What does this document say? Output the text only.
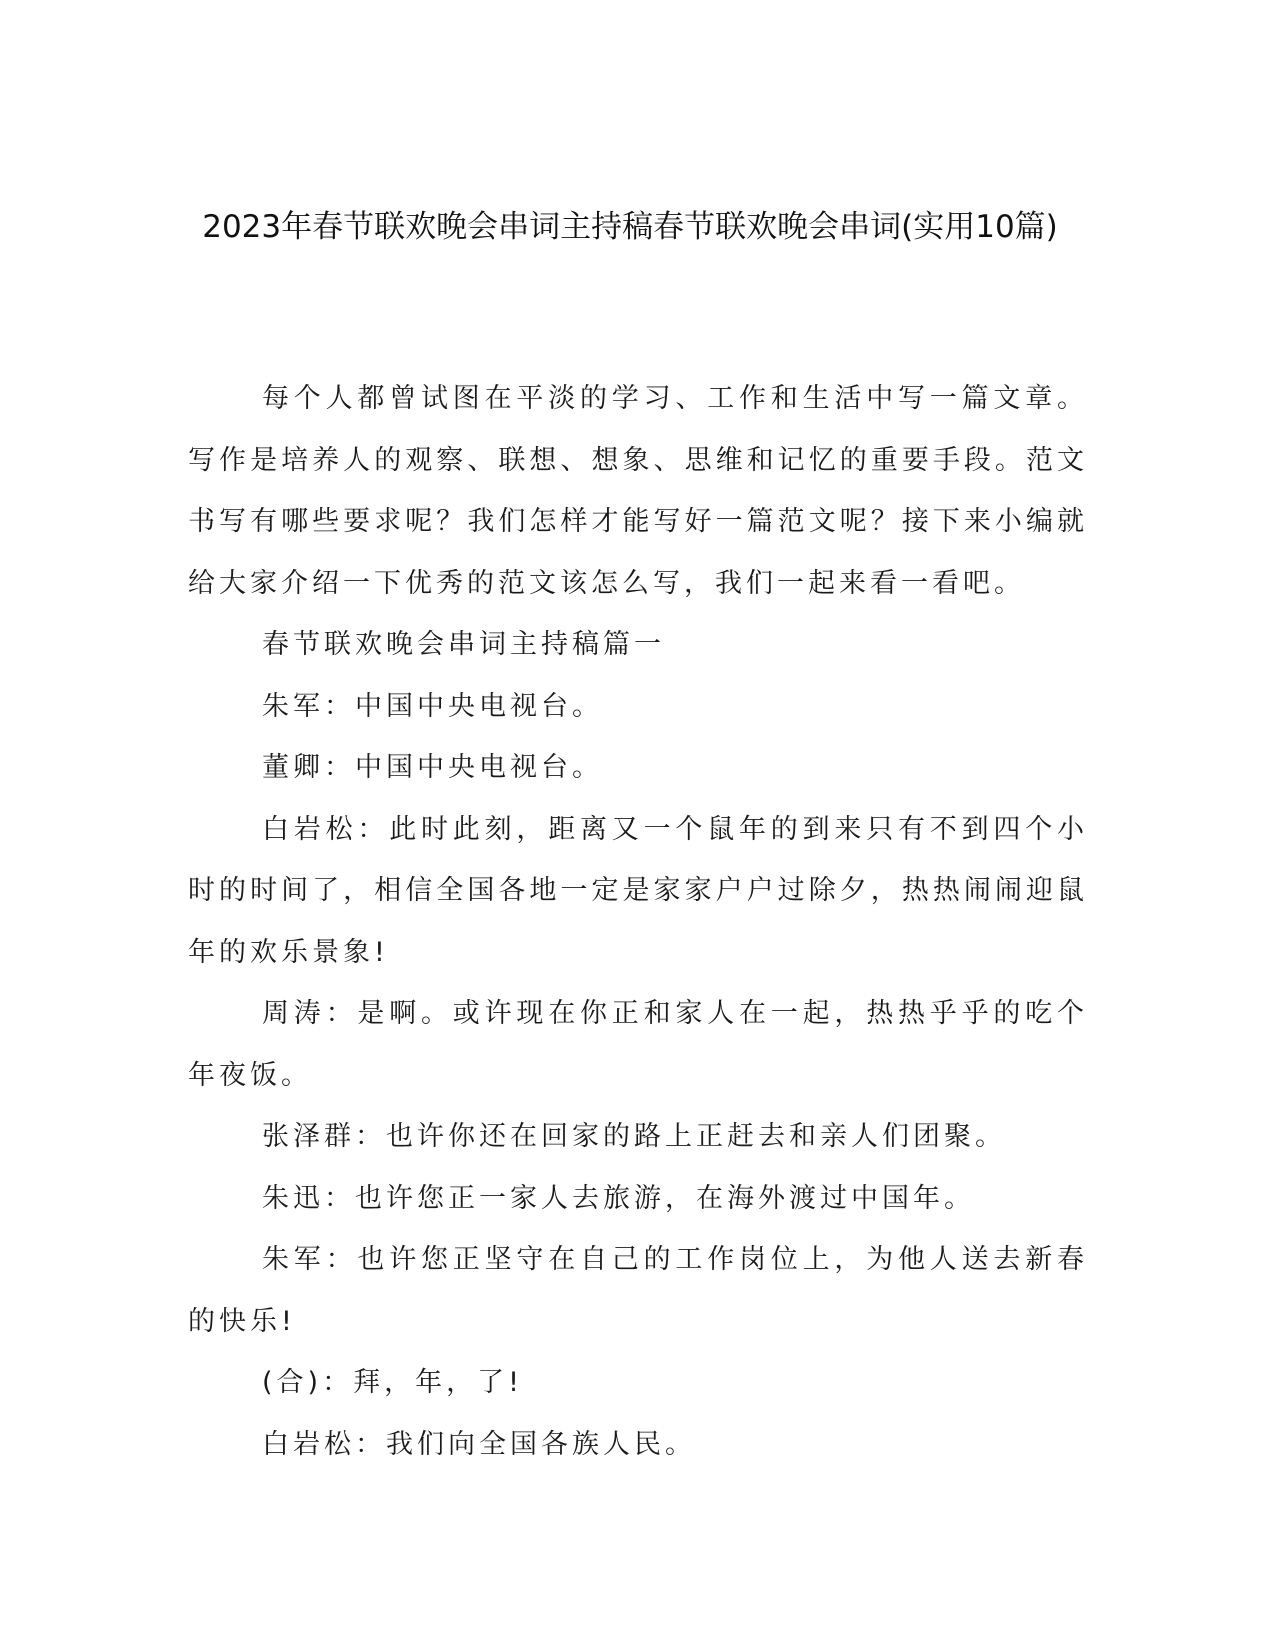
2023年春节联欢晚会串词主持稿春节联欢晚会串词(实用10篇)

每个人都曾试图在平淡的学习、工作和生活中写一篇文章。写作是培养人的观察、联想、想象、思维和记忆的重要手段。范文书写有哪些要求呢？我们怎样才能写好一篇范文呢？接下来小编就给大家介绍一下优秀的范文该怎么写，我们一起来看一看吧。

春节联欢晚会串词主持稿篇一

朱军：中国中央电视台。

董卿：中国中央电视台。

白岩松：此时此刻，距离又一个鼠年的到来只有不到四个小时的时间了，相信全国各地一定是家家户户过除夕，热热闹闹迎鼠年的欢乐景象!

周涛：是啊。或许现在你正和家人在一起，热热乎乎的吃个年夜饭。

张泽群：也许你还在回家的路上正赶去和亲人们团聚。

朱迅：也许您正一家人去旅游，在海外渡过中国年。

朱军：也许您正坚守在自己的工作岗位上，为他人送去新春的快乐!

(合)：拜，年，了!

白岩松：我们向全国各族人民。
